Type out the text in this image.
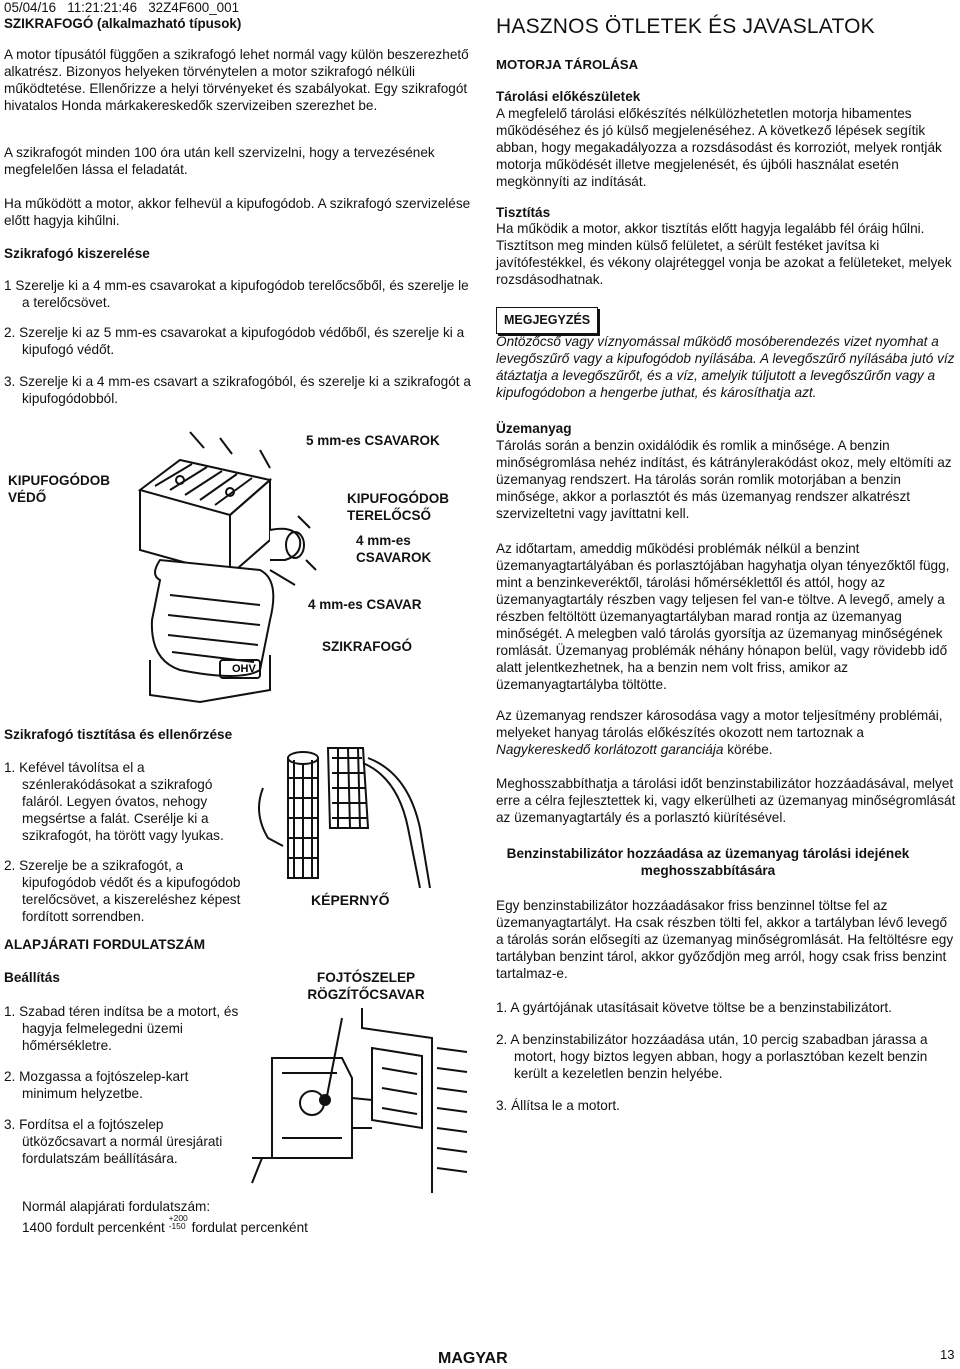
05/04/16   11:21:21:46   32Z4F600_001
SZIKRAFOGÓ (alkalmazható típusok)

A motor típusától függően a szikrafogó lehet normál vagy külön beszerezhető alkatrész. Bizonyos helyeken törvénytelen a motor szikrafogó nélküli működtetése. Ellenőrizze a helyi törvényeket és szabályokat. Egy szikrafogót hivatalos Honda márkakereskedők szervizeiben szerezhet be.

A szikrafogót minden 100 óra után kell szervizelni, hogy a tervezésének megfelelően lássa el feladatát.

Ha működött a motor, akkor felhevül a kipufogódob. A szikrafogó szervizelése előtt hagyja kihűlni.

Szikrafogó kiszerelése

1 Szerelje ki a 4 mm-es csavarokat a kipufogódob terelőcsőből, és szerelje le a terelőcsövet.

2. Szerelje ki az 5 mm-es csavarokat a kipufogódob védőből, és szerelje ki a kipufogó védőt.

3. Szerelje ki a 4 mm-es csavart a szikrafogóból, és szerelje ki a szikrafogót a kipufogódobból.

OHV
5 mm-es CSAVAROK
KIPUFOGÓDOB
VÉDŐ	KIPUFOGÓDOB
TERELŐCSŐ
4 mm-es
CSAVAROK
4 mm-es CSAVAR
SZIKRAFOGÓ

Szikrafogó tisztítása és ellenőrzése

1. Kefével távolítsa el a szénlerakódásokat a szikrafogó faláról. Legyen óvatos, nehogy megsértse a falát. Cserélje ki a szikrafogót, ha törött vagy lyukas.

2. Szerelje be a szikrafogót, a kipufogódob védőt és a kipufogódob terelőcsövet, a kiszereléshez képest fordított sorrendben.

KÉPERNYŐ

ALAPJÁRATI FORDULATSZÁM

Beállítás

1. Szabad téren indítsa be a motort, és hagyja felmelegedni üzemi hőmérsékletre.

2. Mozgassa a fojtószelep-kart minimum helyzetbe.

3. Fordítsa el a fojtószelep ütközőcsavart a normál üresjárati fordulatszám beállítására.

FOJTÓSZELEP
RÖGZÍTŐCSAVAR
Normál alapjárati fordulatszám:
1400 fordult percenként
+200
-150 fordulat percenként
HASZNOS ÖTLETEK ÉS JAVASLATOK

MOTORJA TÁROLÁSA

Tárolási előkészületek

A megfelelő tárolási előkészítés nélkülözhetetlen motorja hibamentes működéséhez és jó külső megjelenéséhez. A következő lépések segítik abban, hogy megakadályozza a rozsdásodást és korroziót, melyek rontják motorja működését illetve megjelenését, és újbóli használat esetén megkönnyíti az indítását.

Tisztítás

Ha működik a motor, akkor tisztítás előtt hagyja legalább fél óráig hűlni. Tisztítson meg minden külső felületet, a sérült festéket javítsa ki javítófestékkel, és vékony olajréteggel vonja be azokat a felületeket, melyek rozsdásodhatnak.

MEGJEGYZÉS

Öntözőcső vagy víznyomással működő mosóberendezés vizet nyomhat a levegőszűrő vagy a kipufogódob nyílásába. A levegőszűrő nyílásába jutó víz átáztatja a levegőszűrőt, és a víz, amelyik túljutott a levegőszűrőn vagy a kipufogódobon a hengerbe juthat, és károsíthatja azt.

Üzemanyag

Tárolás során a benzin oxidálódik és romlik a minősége. A benzin minőségromlása nehéz indítást, és kátránylerakódást okoz, mely eltömíti az üzemanyag rendszert. Ha tárolás során romlik motorjában a benzin minősége, akkor a porlasztót és más üzemanyag rendszer alkatrészt szervizeltetni vagy javíttatni kell.

Az időtartam, ameddig működési problémák nélkül a benzint üzemanyagtartályában és porlasztójában hagyhatja olyan tényezőktől függ, mint a benzinkeveréktől, tárolási hőmérséklettől és attól, hogy az üzemanyagtartály részben vagy teljesen fel van-e töltve. A levegő, amely a részben feltöltött üzemanyagtartályban marad rontja az üzemanyag minőségét. A melegben való tárolás gyorsítja az üzemanyag minőségének romlását. Üzemanyag problémák néhány hónapon belül, vagy rövidebb idő alatt jelentkezhetnek, ha a benzin nem volt friss, amikor az üzemanyagtartályba töltötte.

Az üzemanyag rendszer károsodása vagy a motor teljesítmény problémái, melyeket hanyag tárolás előkészítés okozott nem tartoznak a Nagykereskedő korlátozott garanciája körébe.

Meghosszabbíthatja a tárolási időt benzinstabilizátor hozzáadásával, melyet erre a célra fejlesztettek ki, vagy elkerülheti az üzemanyag minőségromlását az üzemanyagtartály és a porlasztó kiürítésével.

Benzinstabilizátor hozzáadása az üzemanyag tárolási idejének meghosszabbítására

Egy benzinstabilizátor hozzáadásakor friss benzinnel töltse fel az üzemanyagtartályt. Ha csak részben tölti fel, akkor a tartályban lévő levegő a tárolás során elősegíti az üzemanyag minőségromlását. Ha feltöltésre egy tartályban benzint tárol, akkor győződjön meg arról, hogy csak friss benzint tartalmaz-e.

1. A gyártójának utasításait követve töltse be a benzinstabilizátort.

2. A benzinstabilizátor hozzáadása után, 10 percig szabadban járassa a motort, hogy biztos legyen abban, hogy a porlasztóban kezelt benzin került a kezeletlen benzin helyébe.

3. Állítsa le a motort.

MAGYAR	13
